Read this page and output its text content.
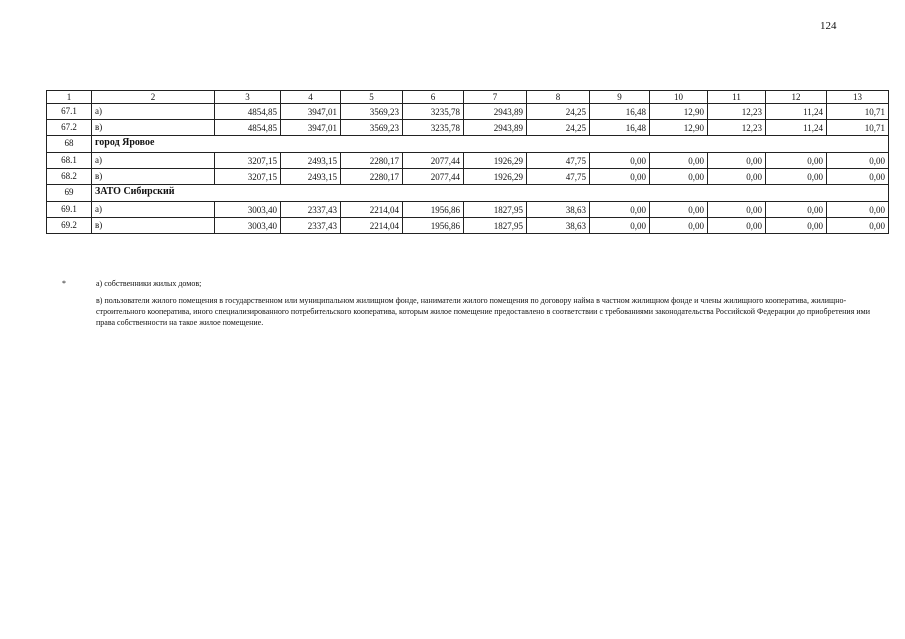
124
1	2	3	4	5	6	7	8	9	10	11	12	13
67.1	а)	4854,85	3947,01	3569,23	3235,78	2943,89	24,25	16,48	12,90	12,23	11,24	10,71
67.2	в)	4854,85	3947,01	3569,23	3235,78	2943,89	24,25	16,48	12,90	12,23	11,24	10,71
68	город Яровое											
68.1	а)	3207,15	2493,15	2280,17	2077,44	1926,29	47,75	0,00	0,00	0,00	0,00	0,00
68.2	в)	3207,15	2493,15	2280,17	2077,44	1926,29	47,75	0,00	0,00	0,00	0,00	0,00
69	ЗАТО Сибирский											
69.1	а)	3003,40	2337,43	2214,04	1956,86	1827,95	38,63	0,00	0,00	0,00	0,00	0,00
69.2	в)	3003,40	2337,43	2214,04	1956,86	1827,95	38,63	0,00	0,00	0,00	0,00	0,00
*	а) собственники жилых домов;
в) пользователи жилого помещения в государственном или муниципальном жилищном фонде, наниматели жилого помещения по договору найма в частном жилищном фонде и члены жилищного кооператива, жилищно-строительного кооператива, иного специализированного потребительского кооператива, которым жилое помещение предоставлено в соответствии с требованиями законодательства Российской Федерации до приобретения ими права собственности на такое жилое помещение.
